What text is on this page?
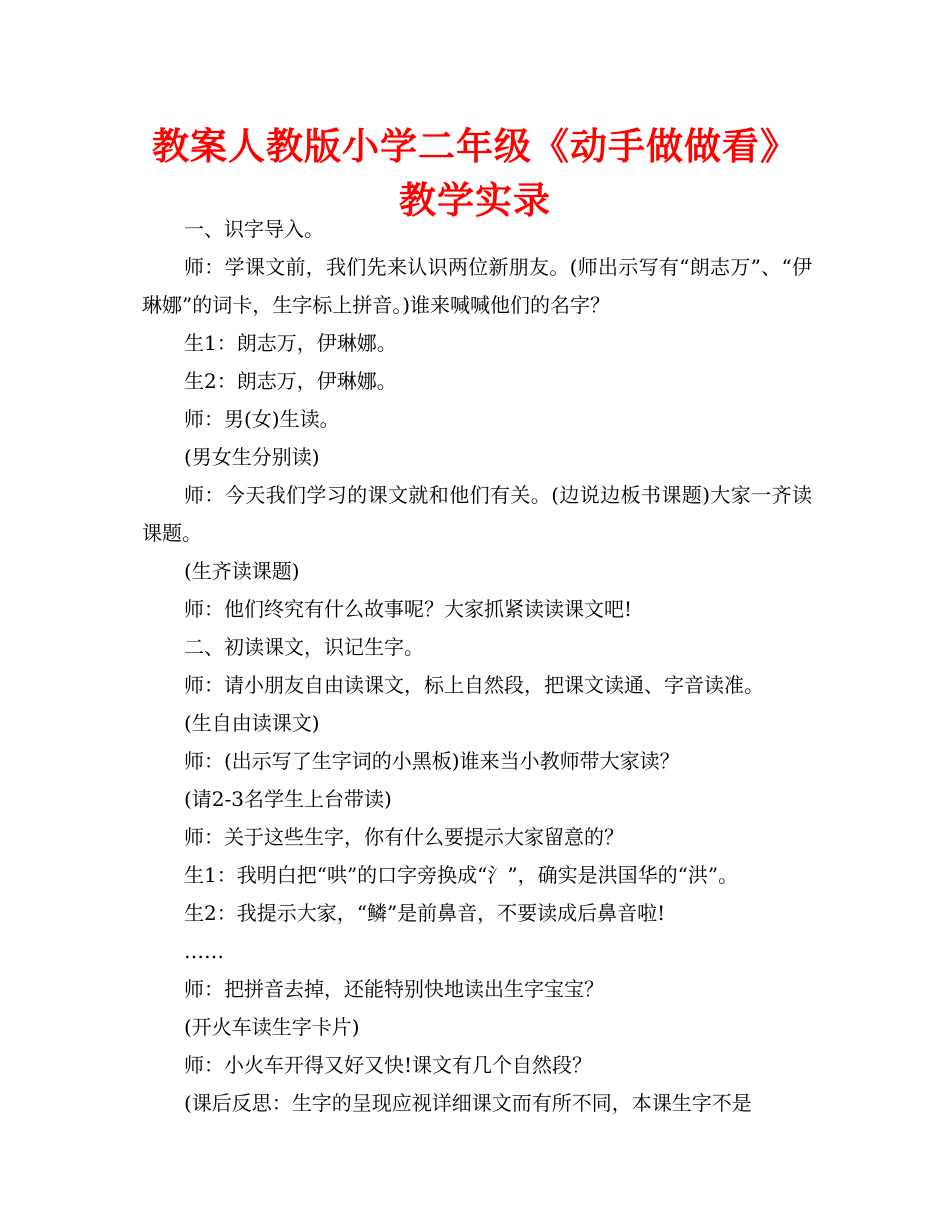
教案人教版小学二年级《动手做做看》教学实录

一、识字导入。

师：学课文前，我们先来认识两位新朋友。(师出示写有“朗志万”、“伊琳娜”的词卡，生字标上拼音。)谁来喊喊他们的名字？

生1：朗志万，伊琳娜。

生2：朗志万，伊琳娜。

师：男(女)生读。

(男女生分别读)

师：今天我们学习的课文就和他们有关。(边说边板书课题)大家一齐读课题。

(生齐读课题)

师：他们终究有什么故事呢？大家抓紧读读课文吧!

二、初读课文，识记生字。

师：请小朋友自由读课文，标上自然段，把课文读通、字音读准。

(生自由读课文)

师：(出示写了生字词的小黑板)谁来当小教师带大家读？

(请2-3名学生上台带读)

师：关于这些生字，你有什么要提示大家留意的？

生1：我明白把“哄”的口字旁换成“氵”，确实是洪国华的“洪”。

生2：我提示大家，“鳞”是前鼻音，不要读成后鼻音啦!

……

师：把拼音去掉，还能特别快地读出生字宝宝？

(开火车读生字卡片)

师：小火车开得又好又快!课文有几个自然段？

(课后反思：生字的呈现应视详细课文而有所不同，本课生字不是
